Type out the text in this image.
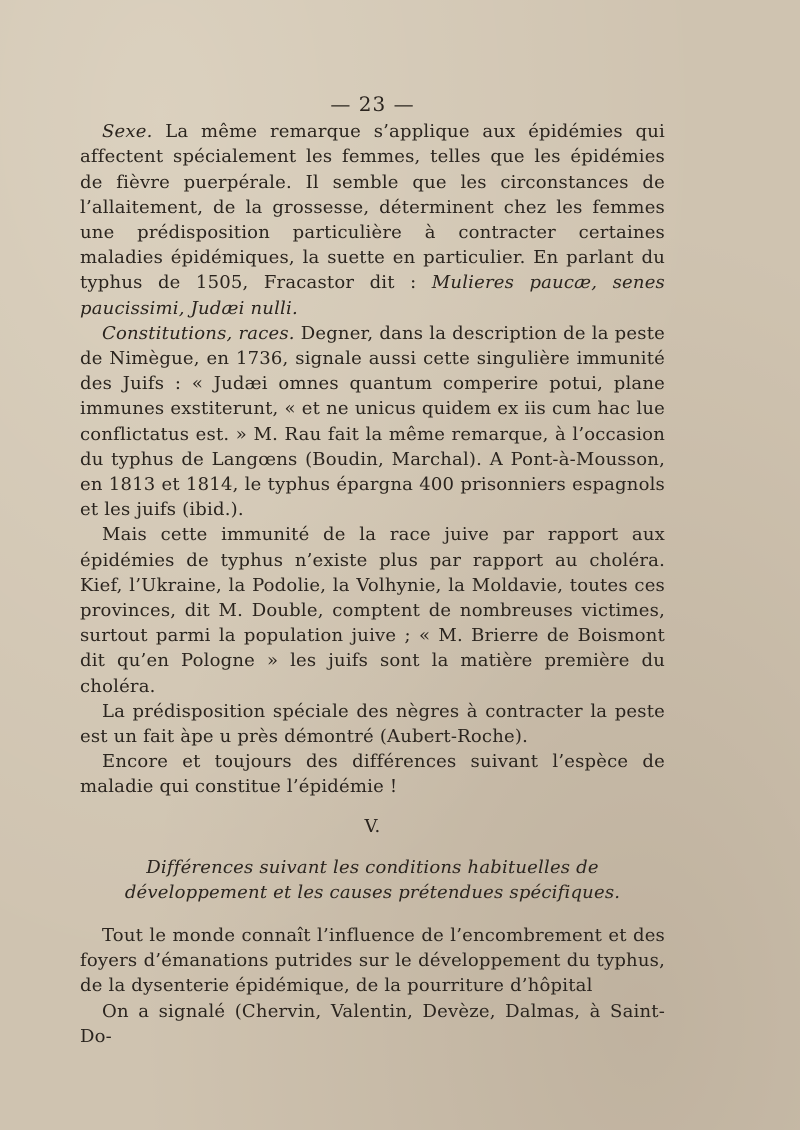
— 23 —

Sexe. La même remarque s’applique aux épidémies qui affectent spécialement les femmes, telles que les épidémies de fièvre puerpérale. Il semble que les circonstances de l’allaitement, de la grossesse, déterminent chez les femmes une prédisposition particulière à contracter certaines maladies épidémiques, la suette en particulier. En parlant du typhus de 1505, Fracastor dit : Mulieres paucæ, senes paucissimi, Judæi nulli.

Constitutions, races. Degner, dans la description de la peste de Nimègue, en 1736, signale aussi cette singulière immunité des Juifs : « Judæi omnes quantum comperire potui, plane immunes exstiterunt, « et ne unicus quidem ex iis cum hac lue conflictatus est. » M. Rau fait la même remarque, à l’occasion du typhus de Langœns (Boudin, Marchal). A Pont-à-Mousson, en 1813 et 1814, le typhus épargna 400 prisonniers espagnols et les juifs (ibid.).

Mais cette immunité de la race juive par rapport aux épidémies de typhus n’existe plus par rapport au choléra. Kief, l’Ukraine, la Podolie, la Volhynie, la Moldavie, toutes ces provinces, dit M. Double, comptent de nombreuses victimes, surtout parmi la population juive ; « M. Brierre de Boismont dit qu’en Pologne » les juifs sont la matière première du choléra.

La prédisposition spéciale des nègres à contracter la peste est un fait àpe u près démontré (Aubert-Roche).

Encore et toujours des différences suivant l’espèce de maladie qui constitue l’épidémie !

V.
Différences suivant les conditions habituelles de développement et les causes prétendues spécifiques.

Tout le monde connaît l’influence de l’encombrement et des foyers d’émanations putrides sur le développement du typhus, de la dysenterie épidémique, de la pourriture d’hôpital

On a signalé (Chervin, Valentin, Devèze, Dalmas, à Saint-Do-
